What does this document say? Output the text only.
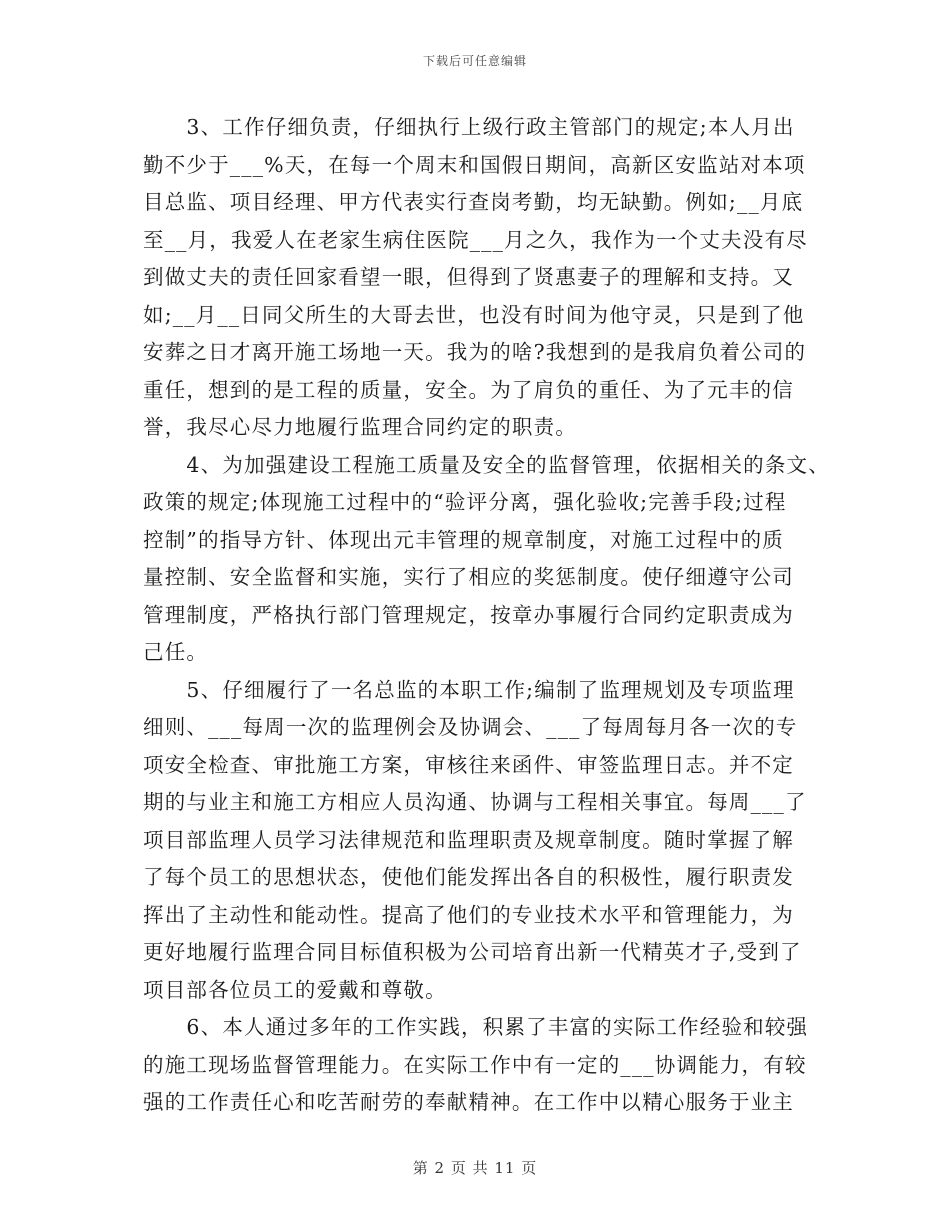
下载后可任意编辑
　　3、工作仔细负责，仔细执行上级行政主管部门的规定;本人月出
勤不少于___%天，在每一个周末和国假日期间，高新区安监站对本项
目总监、项目经理、甲方代表实行查岗考勤，均无缺勤。例如;__月底
至__月，我爱人在老家生病住医院___月之久，我作为一个丈夫没有尽
到做丈夫的责任回家看望一眼，但得到了贤惠妻子的理解和支持。又
如;__月__日同父所生的大哥去世，也没有时间为他守灵，只是到了他
安葬之日才离开施工场地一天。我为的啥?我想到的是我肩负着公司的
重任，想到的是工程的质量，安全。为了肩负的重任、为了元丰的信
誉，我尽心尽力地履行监理合同约定的职责。
　　4、为加强建设工程施工质量及安全的监督管理，依据相关的条文、
政策的规定;体现施工过程中的“验评分离，强化验收;完善手段;过程
控制”的指导方针、体现出元丰管理的规章制度，对施工过程中的质
量控制、安全监督和实施，实行了相应的奖惩制度。使仔细遵守公司
管理制度，严格执行部门管理规定，按章办事履行合同约定职责成为
己任。
　　5、仔细履行了一名总监的本职工作;编制了监理规划及专项监理
细则、___每周一次的监理例会及协调会、___了每周每月各一次的专
项安全检查、审批施工方案，审核往来函件、审签监理日志。并不定
期的与业主和施工方相应人员沟通、协调与工程相关事宜。每周___了
项目部监理人员学习法律规范和监理职责及规章制度。随时掌握了解
了每个员工的思想状态，使他们能发挥出各自的积极性，履行职责发
挥出了主动性和能动性。提高了他们的专业技术水平和管理能力，为
更好地履行监理合同目标值积极为公司培育出新一代精英才子,受到了
项目部各位员工的爱戴和尊敬。
　　6、本人通过多年的工作实践，积累了丰富的实际工作经验和较强
的施工现场监督管理能力。在实际工作中有一定的___协调能力，有较
强的工作责任心和吃苦耐劳的奉献精神。在工作中以精心服务于业主
第 2 页 共 11 页
